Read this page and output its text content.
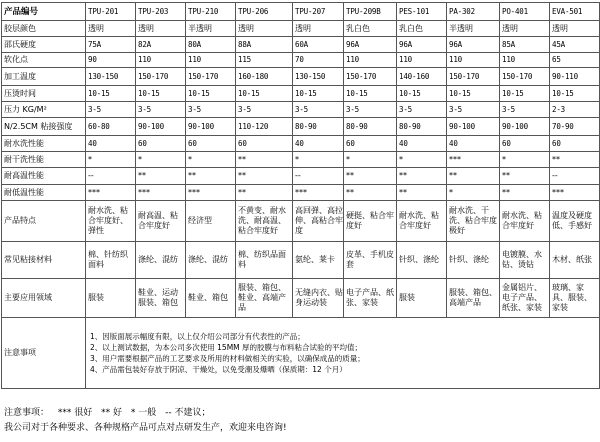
产品编号	TPU-201	TPU-203	TPU-210	TPU-206	TPU-207	TPU-209B	PES-101	PA-302	PO-401	EVA-501
胶层颜色	透明	透明	半透明	透明	透明	乳白色	乳白色	半透明	透明	透明
邵氏硬度	75A	82A	80A	88A	60A	96A	96A	96A	85A	45A
软化点	90	110	110	115	70	110	110	110	110	65
加工温度	130-150	150-170	150-170	160-180	130-150	150-170	140-160	150-170	150-170	90-110
压烫时间	10-15	10-15	10-15	10-15	10-15	10-15	10-15	10-15	10-15	10-15
压力 KG/M²	3-5	3-5	3-5	3-5	3-5	3-5	3-5	3-5	3-5	2-3
N/2.5CM 粘接强度	60-80	90-100	90-100	110-120	80-90	80-90	80-90	90-100	90-100	70-90
耐水洗性能	40	60	60	60	40	60	40	40	60	60
耐干洗性能	*	*	*	**	*	*	*	***	*	**
耐高温性能	--	**	**	**	--	**	**	**	**	--
耐低温性能	***	***	***	**	***	**	**	*	**	***
产品特点	耐水洗、粘合牢度好、弹性	耐高温、粘合牢度好	经济型	不黄变、耐水洗、耐高温、粘合牢度好	高回弹、高拉伸、高粘合牢度	硬挺、粘合牢度好	耐水洗、粘合牢度好	耐水洗、干洗、粘合牢度极好	耐水洗、粘合牢度好	温度及硬度低、手感好
常见粘接材料	棉、针纺织面料	涤纶、混纺	涤纶、混纺	棉、纺织品面料	氨纶、莱卡	皮革、手机皮套	针织、涤纶	针织、涤纶	电镀膜、水钻、烫钻	木材、纸张
主要应用领域	服装	鞋业、运动服装、箱包	鞋业、箱包	服装、箱包、鞋业、高端产品	无缝内衣、贴身运动装	电子产品、纸张、家装	服装	服装、箱包、高端产品	金属铝片、电子产品、纸张、家装	玻璃、家具、服装、家装
注意事项	1、因版面展示幅度有限，以上仅介绍公司部分有代表性的产品；
2、以上测试数据，为本公司多次使用 15MM 厚的胶膜与布料粘合试验的平均值；
3、用户需要根据产品的工艺要求及所用的材料做相关的实验，以确保成品的质量；
4、产品需包装好存放于阴凉、干燥处，以免受潮及爆晒（保质期：12 个月）									
注意事项： *** 很好 ** 好 * 一般 -- 不建议；
我公司对于各种要求、各种规格产品可点对点研发生产，欢迎来电咨询!
